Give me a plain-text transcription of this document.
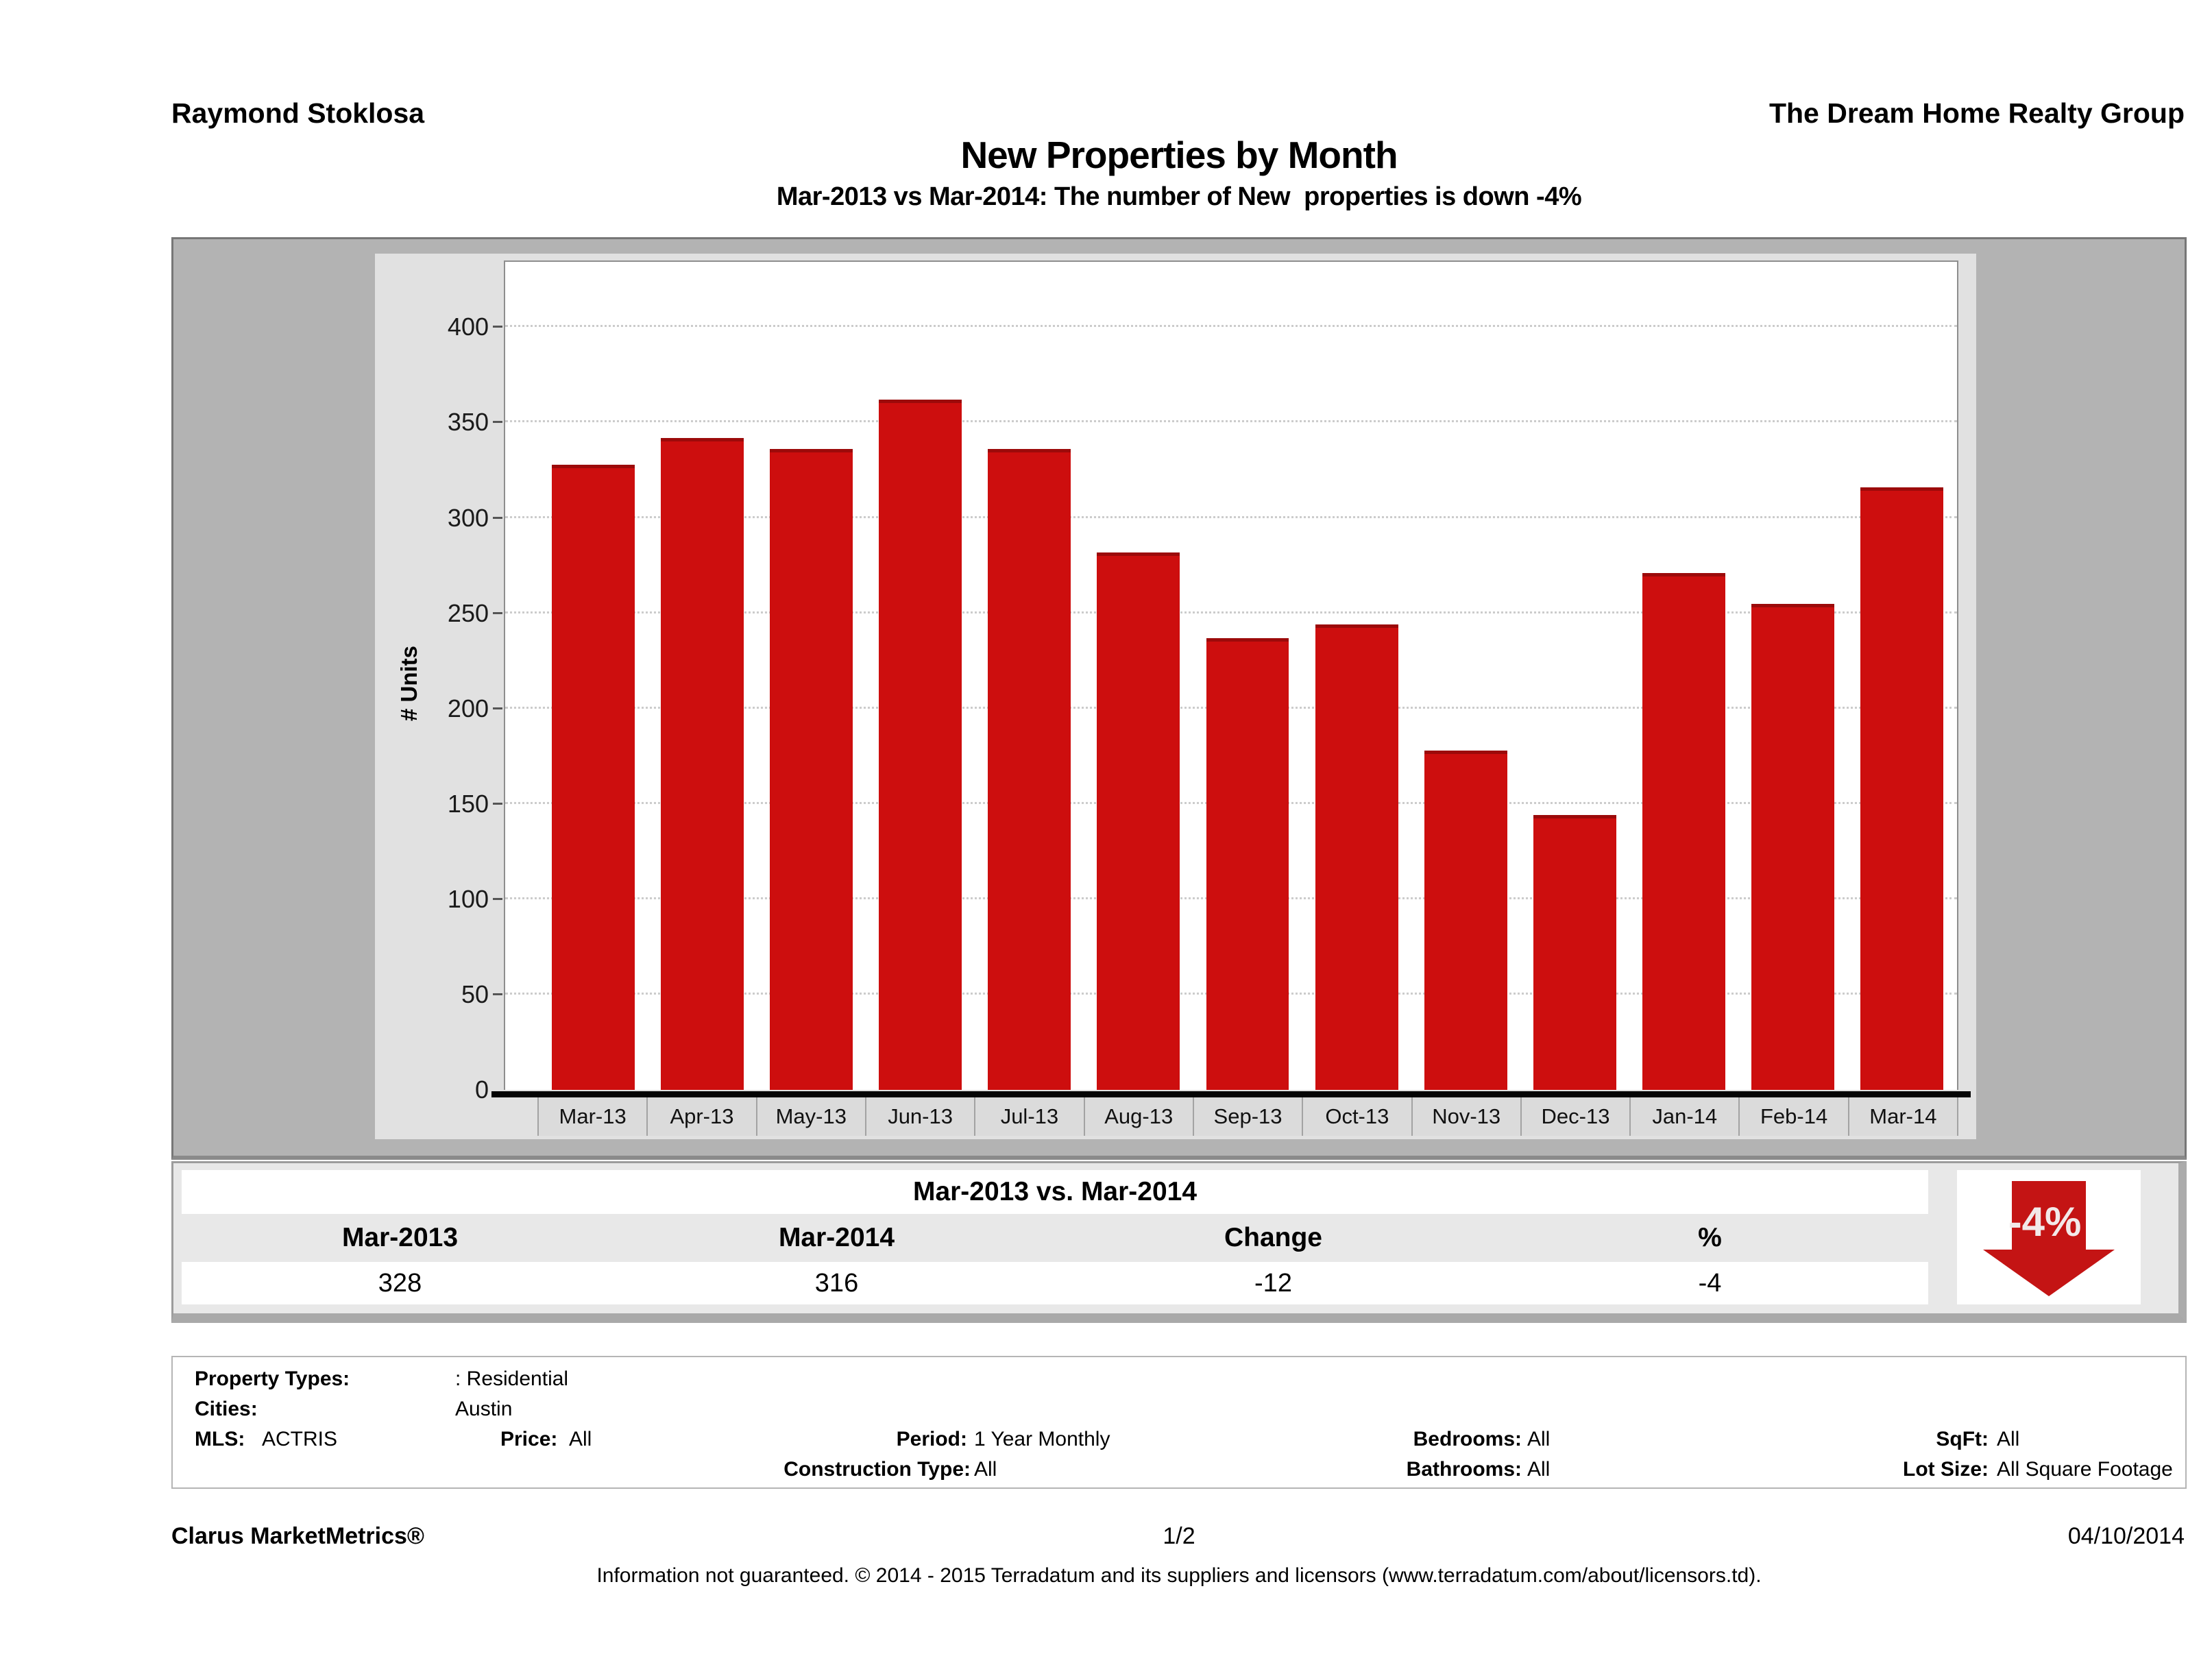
Raymond Stoklosa	The Dream Home Realty Group
New Properties by Month
Mar-2013 vs Mar-2014: The number of New  properties is down -4%
# Units
0
50
100
150
200
250
300
350
400
Mar-13	Apr-13	May-13	Jun-13	Jul-13	Aug-13	Sep-13	Oct-13	Nov-13	Dec-13	Jan-14	Feb-14	Mar-14
Mar-2013 vs. Mar-2014
Mar-2013	Mar-2014	Change	%
328	316	-12	-4
-4%
Property Types:	: Residential
Cities:	Austin
MLS: ACTRIS	Price: All	Period: 1 Year Monthly
Construction Type: All
Bedrooms: All
Bathrooms: All
SqFt: All
Lot Size: All Square Footage
Clarus MarketMetrics®	1/2	04/10/2014
Information not guaranteed. © 2014 - 2015 Terradatum and its suppliers and licensors (www.terradatum.com/about/licensors.td).
